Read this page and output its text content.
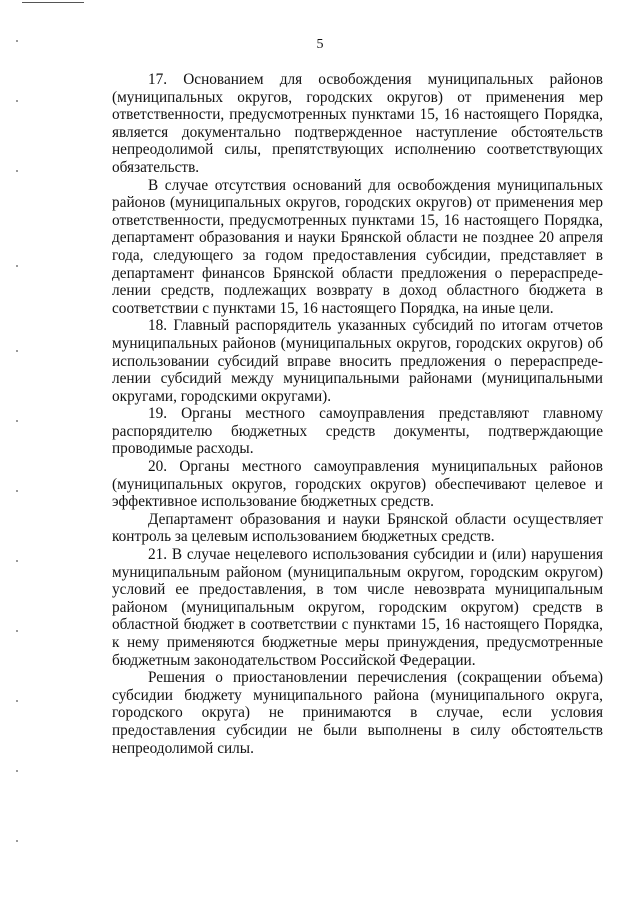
5

17. Основанием для освобождения муниципальных районов (муниципальных округов, городских округов) от применения мер ответственности, предусмотренных пунктами 15, 16 настоящего Порядка, является документально подтвержденное наступление обстоятельств непреодолимой силы, препятствующих исполнению соответствующих обязательств.

В случае отсутствия оснований для освобождения муниципальных районов (муниципальных округов, городских округов) от применения мер ответственности, предусмотренных пунктами 15, 16 настоящего Порядка, департамент образования и науки Брянской области не позднее 20 апреля года, следующего за годом предоставления субсидии, представляет в департамент финансов Брянской области предложения о перераспределении средств, подлежащих возврату в доход областного бюджета в соответствии с пунктами 15, 16 настоящего Порядка, на иные цели.

18. Главный распорядитель указанных субсидий по итогам отчетов муниципальных районов (муниципальных округов, городских округов) об использовании субсидий вправе вносить предложения о перераспределении субсидий между муниципальными районами (муниципальными округами, городскими округами).

19. Органы местного самоуправления представляют главному распорядителю бюджетных средств документы, подтверждающие проводимые расходы.

20. Органы местного самоуправления муниципальных районов (муниципальных округов, городских округов) обеспечивают целевое и эффективное использование бюджетных средств.

Департамент образования и науки Брянской области осуществляет контроль за целевым использованием бюджетных средств.

21. В случае нецелевого использования субсидии и (или) нарушения муниципальным районом (муниципальным округом, городским округом) условий ее предоставления, в том числе невозврата муниципальным районом (муниципальным округом, городским округом) средств в областной бюджет в соответствии с пунктами 15, 16 настоящего Порядка, к нему применяются бюджетные меры принуждения, предусмотренные бюджетным законодательством Российской Федерации.

Решения о приостановлении перечисления (сокращении объема) субсидии бюджету муниципального района (муниципального округа, городского округа) не принимаются в случае, если условия предоставления субсидии не были выполнены в силу обстоятельств непреодолимой силы.
